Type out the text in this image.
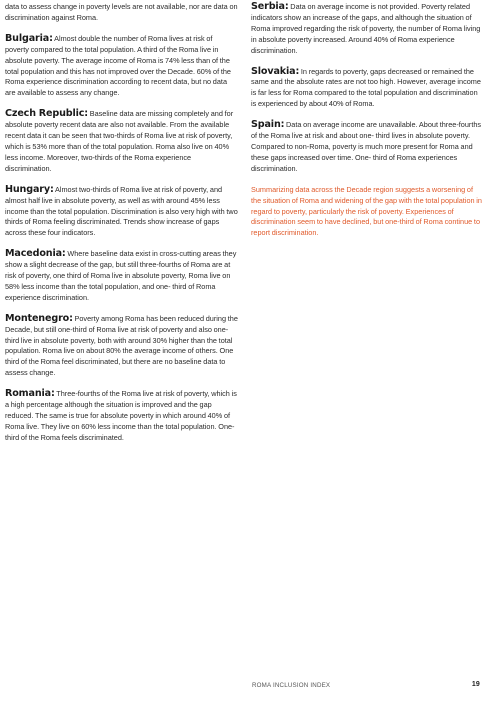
data to assess change in poverty levels are not available, nor are data on discrimination against Roma.

Bulgaria: Almost double the number of Roma lives at risk of poverty compared to the total population. A third of the Roma live in absolute poverty. The average income of Roma is 74% less than of the total population and this has not improved over the Decade. 60% of the Roma experience discrimination according to recent data, but no data are available to assess any change.

Czech Republic: Baseline data are missing completely and for absolute poverty recent data are also not available. From the available recent data it can be seen that two-thirds of Roma live at risk of poverty, which is 53% more than of the total population. Roma also live on 40% less income. Moreover, two-thirds of the Roma experience discrimination.

Hungary: Almost two-thirds of Roma live at risk of poverty, and almost half live in absolute poverty, as well as with around 45% less income than the total population. Discrimination is also very high with two thirds of Roma feeling discriminated. Trends show increase of gaps across these four indicators.

Macedonia: Where baseline data exist in cross-cutting areas they show a slight decrease of the gap, but still three-fourths of Roma are at risk of poverty, one third of Roma live in absolute poverty, Roma live on 58% less income than the total population, and one- third of Roma experience discrimination.

Montenegro: Poverty among Roma has been reduced during the Decade, but still one-third of Roma live at risk of poverty and also one-third live in absolute poverty, both with around 30% higher than the total population. Roma live on about 80% the average income of others. One third of the Roma feel discriminated, but there are no baseline data to assess change.

Romania: Three-fourths of the Roma live at risk of poverty, which is a high percentage although the situation is improved and the gap reduced. The same is true for absolute poverty in which around 40% of Roma live. They live on 60% less income than the total population. One-third of the Roma feels discriminated.

Serbia: Data on average income is not provided. Poverty related indicators show an increase of the gaps, and although the situation of Roma improved regarding the risk of poverty, the number of Roma living in absolute poverty increased. Around 40% of Roma experience discrimination.

Slovakia: In regards to poverty, gaps decreased or remained the same and the absolute rates are not too high. However, average income is far less for Roma compared to the total population and discrimination is experienced by about 40% of Roma.

Spain: Data on average income are unavailable. About three-fourths of the Roma live at risk and about one- third lives in absolute poverty. Compared to non-Roma, poverty is much more present for Roma and these gaps increased over time. One- third of Roma experiences discrimination.

Summarizing data across the Decade region suggests a worsening of the situation of Roma and widening of the gap with the total population in regard to poverty, particularly the risk of poverty. Experiences of discrimination seem to have declined, but one-third of Roma continue to report discrimination.

ROMA INCLUSION INDEX	19
